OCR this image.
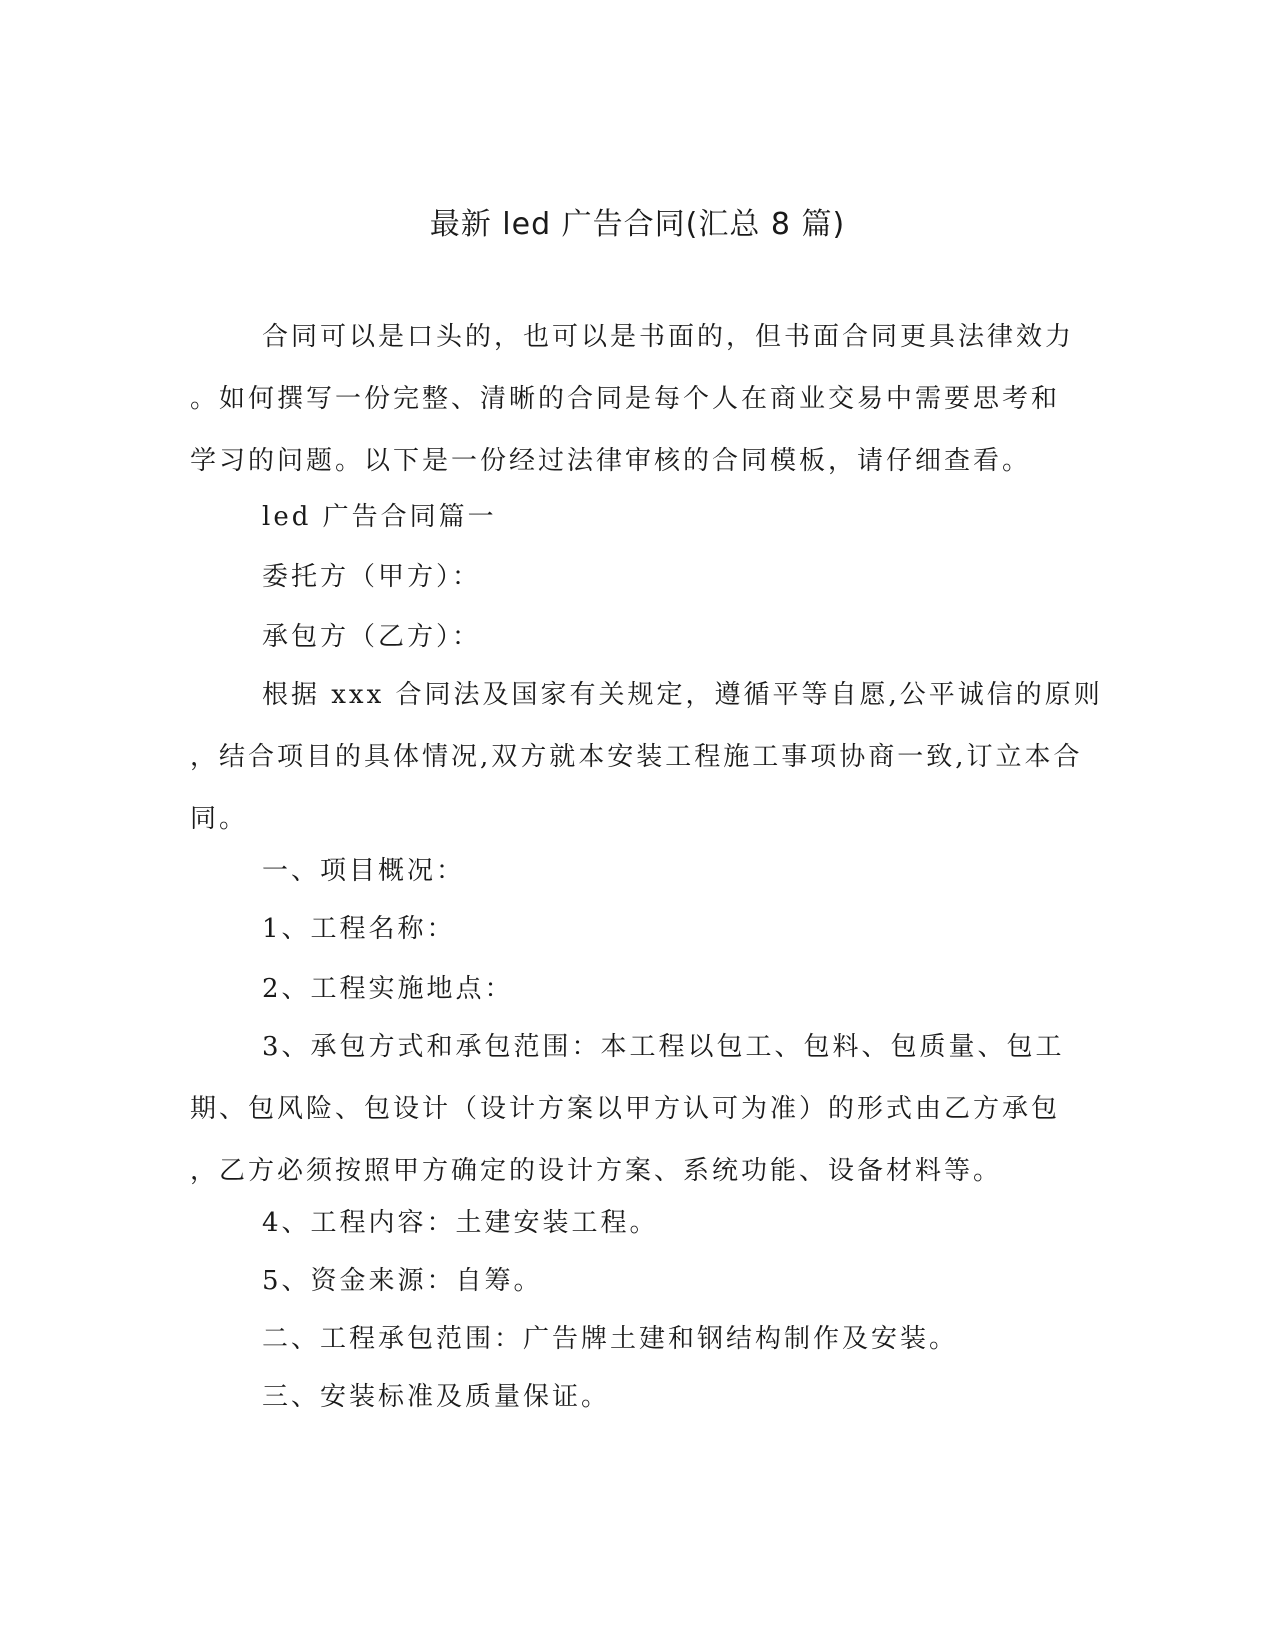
最新 led 广告合同(汇总 8 篇)
合同可以是口头的，也可以是书面的，但书面合同更具法律效力
。如何撰写一份完整、清晰的合同是每个人在商业交易中需要思考和
学习的问题。以下是一份经过法律审核的合同模板，请仔细查看。
led 广告合同篇一
委托方（甲方）：
承包方（乙方）：
根据 xxx 合同法及国家有关规定，遵循平等自愿,公平诚信的原则
，结合项目的具体情况,双方就本安装工程施工事项协商一致,订立本合
同。
一、项目概况：
1、工程名称：
2、工程实施地点：
3、承包方式和承包范围：本工程以包工、包料、包质量、包工
期、包风险、包设计（设计方案以甲方认可为准）的形式由乙方承包
，乙方必须按照甲方确定的设计方案、系统功能、设备材料等。
4、工程内容：土建安装工程。
5、资金来源：自筹。
二、工程承包范围：广告牌土建和钢结构制作及安装。
三、安装标准及质量保证。
